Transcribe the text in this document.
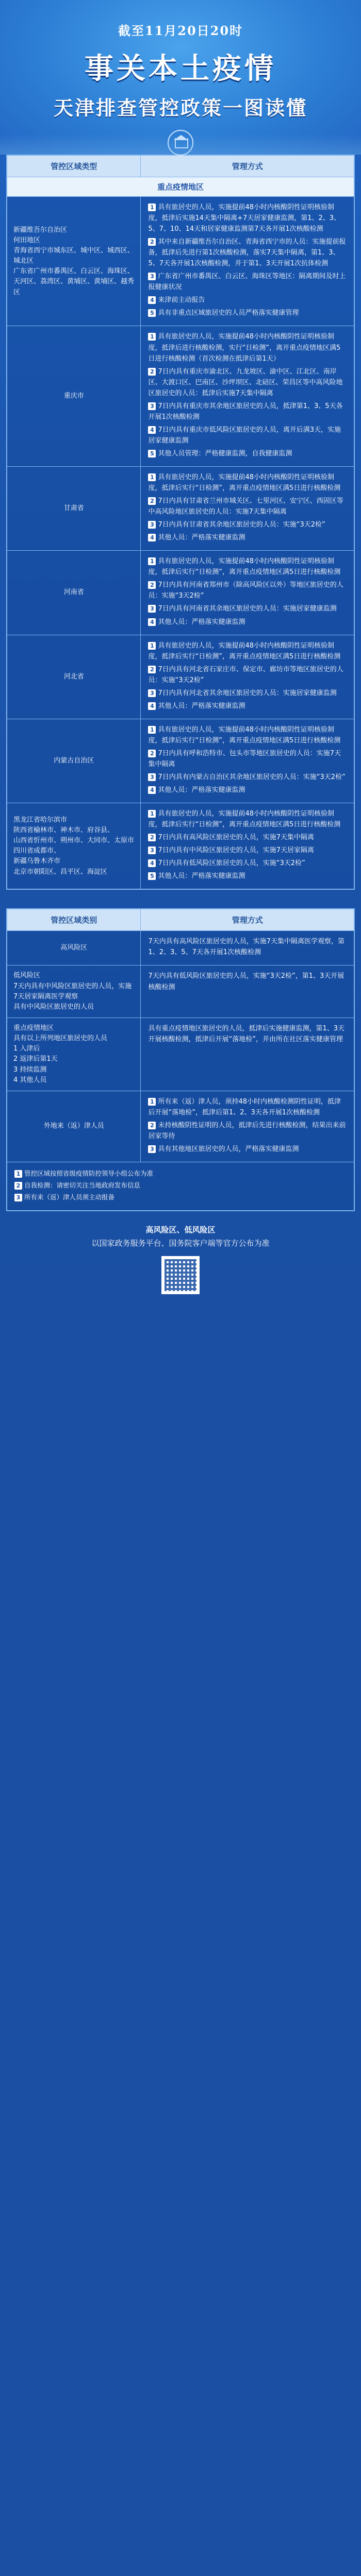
截至11月20日20时
事关本土疫情
天津排查管控政策一图读懂
管控区域类型	管理方式
重点疫情地区
新疆维吾尔自治区
何田地区
青海省西宁市城东区、城中区、城西区、城北区
广东省广州市番禺区、白云区、海珠区、天河区、荔湾区、黄埔区、黄埔区、越秀区

1 具有旅居史的人员，实施提前48小时内核酸阴性证明核验制度，抵津后实施14天集中隔离+7天居家健康监测，第1、2、3、5、7、10、14天和居家健康监测第7天各开展1次核酸检测

2 其中来自新疆维吾尔自治区、青海省西宁市的人员：实施提前报备，抵津后先进行第1次核酸检测，落实7天集中隔离，第1、3、5、7天各开展1次核酸检测，并于第1、3天开展1次抗体检测

3 广东省广州市番禺区、白云区、海珠区等地区：隔离期间及时上报健康状况

4 来津前主动报告

5 具有非重点区域旅居史的人员严格落实健康管理

重庆市

1 具有旅居史的人员，实施提前48小时内核酸阴性证明核验制度，抵津后进行核酸检测，实行“日检测”，离开重点疫情地区满5日进行核酸检测（首次检测在抵津后第1天）

2 7日内具有重庆市渝北区、九龙坡区、渝中区、江北区、南岸区、大渡口区、巴南区、沙坪坝区、北碚区、荣昌区等中高风险地区旅居史的人员：抵津后实施7天集中隔离

3 7日内具有重庆市其余地区旅居史的人员，抵津第1、3、5天各开展1次核酸检测

4 7日内具有重庆市低风险区旅居史的人员，离开后满3天，实施居家健康监测

5 其他人员管理：严格健康监测，自我健康监测

甘肃省

1 具有旅居史的人员，实施提前48小时内核酸阴性证明核验制度，抵津后实行“日检测”，离开重点疫情地区满5日进行核酸检测

2 7日内具有甘肃省兰州市城关区、七里河区、安宁区、西固区等中高风险地区旅居史的人员：实施7天集中隔离

3 7日内具有甘肃省其余地区旅居史的人员：实施“3天2检”

4 其他人员：严格落实健康监测

河南省

1 具有旅居史的人员，实施提前48小时内核酸阴性证明核验制度，抵津后实行“日检测”，离开重点疫情地区满5日进行核酸检测

2 7日内具有河南省郑州市（除高风险区以外）等地区旅居史的人员：实施“3天2检”

3 7日内具有河南省其余地区旅居史的人员：实施居家健康监测

4 其他人员：严格落实健康监测

河北省

1 具有旅居史的人员，实施提前48小时内核酸阴性证明核验制度，抵津后实行“日检测”，离开重点疫情地区满5日进行核酸检测

2 7日内具有河北省石家庄市、保定市、廊坊市等地区旅居史的人员：实施“3天2检”

3 7日内具有河北省其余地区旅居史的人员：实施居家健康监测

4 其他人员：严格落实健康监测

内蒙古自治区

1 具有旅居史的人员，实施提前48小时内核酸阴性证明核验制度，抵津后实行“日检测”，离开重点疫情地区满5日进行核酸检测

2 7日内具有呼和浩特市、包头市等地区旅居史的人员：实施7天集中隔离

3 7日内具有内蒙古自治区其余地区旅居史的人员：实施“3天2检”

4 其他人员：严格落实健康监测

黑龙江省哈尔滨市
陕西省榆林市、神木市、府谷县、
山西省忻州市、朔州市、大同市、太原市
四川省成都市、
新疆乌鲁木齐市
北京市朝阳区、昌平区、海淀区

1 具有旅居史的人员，实施提前48小时内核酸阴性证明核验制度，抵津后实行“日检测”，离开重点疫情地区满5日进行核酸检测

2 7日内具有高风险区旅居史的人员，实施7天集中隔离

3 7日内具有中风险区旅居史的人员，实施7天居家隔离

4 7日内具有低风险区旅居史的人员，实施“3天2检”

5 其他人员：严格落实健康监测

管控区域类别	管理方式
高风险区

7天内具有高风险区旅居史的人员，实施7天集中隔离医学观察，第1、2、3、5、7天各开展1次核酸检测

低风险区
7天内具有中风险区旅居史的人员，实施7天居家隔离医学观察
具有中风险区旅居史的人员

7天内具有低风险区旅居史的人员，实施“3天2检”，第1、3天开展核酸检测

重点疫情地区
具有以上所列地区旅居史的人员
1 入津后
2 返津后第1天
3 持续监测
4 其他人员

具有重点疫情地区旅居史的人员，抵津后实施健康监测，第1、3天开展核酸检测，抵津后开展“落地检”，并由所在社区落实健康管理

外地来（返）津人员

1 所有来（返）津人员，须持48小时内核酸检测阴性证明，抵津后开展“落地检”，抵津后第1、2、3天各开展1次核酸检测

2 未持核酸阴性证明的人员，抵津后先进行核酸检测，结果出来前居家等待

3 具有其他地区旅居史的人员，严格落实健康监测

1 管控区域按照省级疫情防控领导小组公布为准

2 自我检测：请密切关注当地政府发布信息

3 所有来（返）津人员须主动报备

高风险区、低风险区
以国家政务服务平台、国务院客户端等官方公布为准
